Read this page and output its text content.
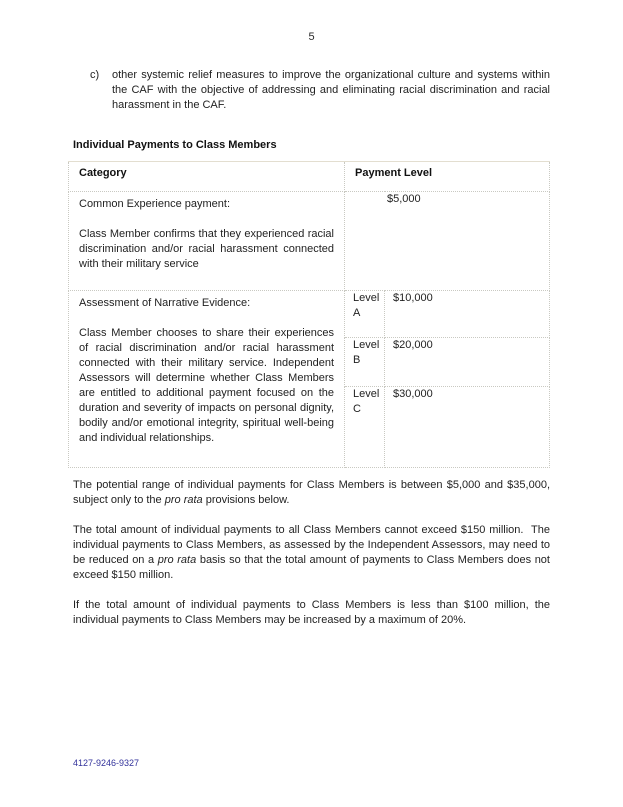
5
c)	other systemic relief measures to improve the organizational culture and systems within the CAF with the objective of addressing and eliminating racial discrimination and racial harassment in the CAF.
Individual Payments to Class Members
Category	Payment Level	

Common Experience payment:
Class Member confirms that they experienced racial discrimination and/or racial harassment connected with their military service	$5,000	

Assessment of Narrative Evidence:
Class Member chooses to share their experiences of racial discrimination and/or racial harassment connected with their military service. Independent Assessors will determine whether Class Members are entitled to additional payment focused on the duration and severity of impacts on personal dignity, bodily and/or emotional integrity, spiritual well-being and individual relationships.	Level A	$10,000
	Level B	$20,000
	Level C	$30,000

The potential range of individual payments for Class Members is between $5,000 and $35,000, subject only to the pro rata provisions below.

The total amount of individual payments to all Class Members cannot exceed $150 million.  The individual payments to Class Members, as assessed by the Independent Assessors, may need to be reduced on a pro rata basis so that the total amount of payments to Class Members does not exceed $150 million.

If the total amount of individual payments to Class Members is less than $100 million, the individual payments to Class Members may be increased by a maximum of 20%.

4127-9246-9327
